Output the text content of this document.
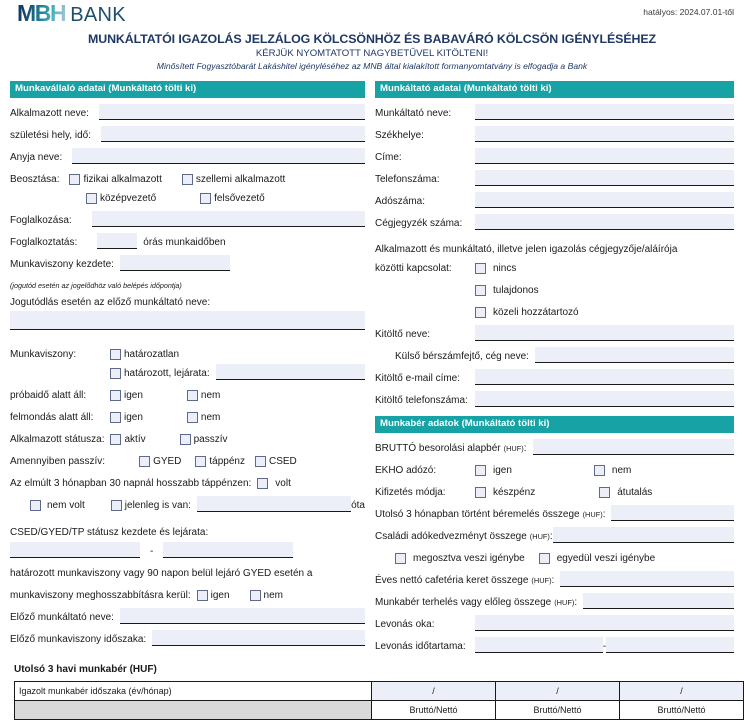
MBH BANK	hatályos: 2024.07.01-től
MUNKÁLTATÓI IGAZOLÁS JELZÁLOG KÖLCSÖNHÖZ ÉS BABAVÁRÓ KÖLCSÖN IGÉNYLÉSÉHEZ
KÉRJÜK NYOMTATOTT NAGYBETŰVEL KITÖLTENI!
Minősített Fogyasztóbarát Lakáshitel igényléséhez az MNB által kialakított formanyomtatvány is elfogadja a Bank
Munkavállaló adatai (Munkáltató tölti ki)
Alkalmazott neve:
születési hely, idő:
Anyja neve:
Beosztása: fizikai alkalmazott	szellemi alkalmazott
középvezető	felsővezető
Foglalkozása:
Foglalkoztatás:	órás munkaidőben
Munkaviszony kezdete:
(jogutód esetén az jogelődhöz való belépés időpontja)
Jogutódlás esetén az előző munkáltató neve:
Munkaviszony:	határozatlan
határozott, lejárata:
próbaidő alatt áll:	igen	nem
felmondás alatt áll:	igen	nem
Alkalmazott státusza: aktív	passzív
Amennyiben passzív:	GYED	táppénz CSED
Az elmúlt 3 hónapban 30 napnál hosszabb táppénzen: volt
nem volt	jelenleg is van:	óta
CSED/GYED/TP státusz kezdete és lejárata:
-
határozott munkaviszony vagy 90 napon belül lejáró GYED esetén a
munkaviszony meghosszabbításra kerül: igen	nem
Előző munkáltató neve:
Előző munkaviszony időszaka:
Munkáltató adatai (Munkáltató tölti ki)
Munkáltató neve:
Székhelye:
Címe:
Telefonszáma:
Adószáma:
Cégjegyzék száma:
Alkalmazott és munkáltató, illetve jelen igazolás cégjegyzője/aláírója
közötti kapcsolat:	nincs
tulajdonos
közeli hozzátartozó
Kitöltő neve:
Külső bérszámfejtő, cég neve:
Kitöltő e-mail címe:
Kitöltő telefonszáma:
Munkabér adatok (Munkáltató tölti ki)
BRUTTÓ besorolási alapbér (HUF) :
EKHO adózó:	igen	nem
Kifizetés módja:	készpénz	átutalás
Utolsó 3 hónapban történt béremelés összege (HUF) :
Családi adókedvezményt összege (HUF) :
megosztva veszi igénybe	egyedül veszi igénybe
Éves nettó cafetéria keret összege (HUF) :
Munkabér terhelés vagy előleg összege (HUF) :
Levonás oka:
Levonás időtartama:	-
Utolsó 3 havi munkabér (HUF)
Igazolt munkabér időszaka (év/hónap)	/	/	/
	Bruttó/Nettó	Bruttó/Nettó	Bruttó/Nettó
